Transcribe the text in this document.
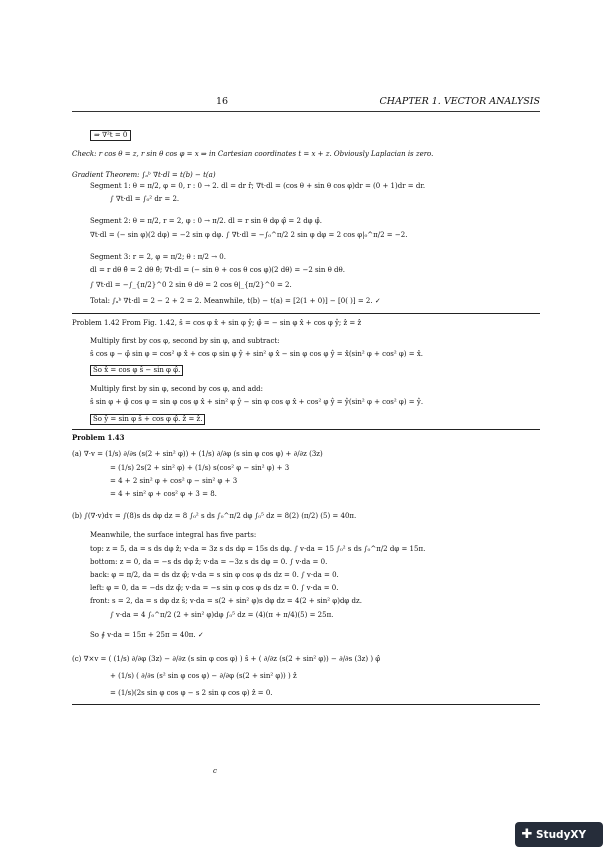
16	CHAPTER 1. VECTOR ANALYSIS
⇒ ∇²t = 0
Check: r cos θ = z, r sin θ cos φ = x ⇒ in Cartesian coordinates t = x + z. Obviously Laplacian is zero.
Gradient Theorem: ∫ₐᵇ ∇t·dl = t(b) − t(a)
Segment 1: θ = π/2, φ = 0, r : 0 → 2. dl = dr r̂; ∇t·dl = (cos θ + sin θ cos φ)dr = (0 + 1)dr = dr.
∫ ∇t·dl = ∫₀² dr = 2.
Segment 2: θ = π/2, r = 2, φ : 0 → π/2. dl = r sin θ dφ φ̂ = 2 dφ φ̂.
∇t·dl = (− sin φ)(2 dφ) = −2 sin φ dφ. ∫ ∇t·dl = −∫₀^π/2 2 sin φ dφ = 2 cos φ|₀^π/2 = −2.
Segment 3: r = 2, φ = π/2; θ : π/2 → 0.
dl = r dθ θ̂ = 2 dθ θ̂; ∇t·dl = (− sin θ + cos θ cos φ)(2 dθ) = −2 sin θ dθ.
∫ ∇t·dl = −∫_{π/2}^0 2 sin θ dθ = 2 cos θ|_{π/2}^0 = 2.
Total: ∫ₐᵇ ∇t·dl = 2 − 2 + 2 = 2. Meanwhile, t(b) − t(a) = [2(1 + 0)] − [0( )] = 2. ✓
Problem 1.42 From Fig. 1.42, ŝ = cos φ x̂ + sin φ ŷ; φ̂ = − sin φ x̂ + cos φ ŷ; ẑ = ẑ
Multiply first by cos φ, second by sin φ, and subtract:
ŝ cos φ − φ̂ sin φ = cos² φ x̂ + cos φ sin φ ŷ + sin² φ x̂ − sin φ cos φ ŷ = x̂(sin² φ + cos² φ) = x̂.
So x̂ = cos φ ŝ − sin φ φ̂.
Multiply first by sin φ, second by cos φ, and add:
ŝ sin φ + φ̂ cos φ = sin φ cos φ x̂ + sin² φ ŷ − sin φ cos φ x̂ + cos² φ ŷ = ŷ(sin² φ + cos² φ) = ŷ.
So ŷ = sin φ ŝ + cos φ φ̂. ẑ = ẑ.
Problem 1.43
(a) ∇·v = (1/s) ∂/∂s (s(2 + sin² φ)) + (1/s) ∂/∂φ (s sin φ cos φ) + ∂/∂z (3z)
= (1/s) 2s(2 + sin² φ) + (1/s) s(cos² φ − sin² φ) + 3
= 4 + 2 sin² φ + cos² φ − sin² φ + 3
= 4 + sin² φ + cos² φ + 3 = 8.
(b) ∫(∇·v)dτ = ∫(8)s ds dφ dz = 8 ∫₀² s ds ∫₀^π/2 dφ ∫₀⁵ dz = 8(2) (π/2) (5) = 40π.
Meanwhile, the surface integral has five parts:
top: z = 5, da = s ds dφ ẑ; v·da = 3z s ds dφ = 15s ds dφ. ∫ v·da = 15 ∫₀² s ds ∫₀^π/2 dφ = 15π.
bottom: z = 0, da = −s ds dφ ẑ; v·da = −3z s ds dφ = 0. ∫ v·da = 0.
back: φ = π/2, da = ds dz φ̂; v·da = s sin φ cos φ ds dz = 0. ∫ v·da = 0.
left: φ = 0, da = −ds dz φ̂; v·da = −s sin φ cos φ ds dz = 0. ∫ v·da = 0.
front: s = 2, da = s dφ dz ŝ; v·da = s(2 + sin² φ)s dφ dz = 4(2 + sin² φ)dφ dz.
∫ v·da = 4 ∫₀^π/2 (2 + sin² φ)dφ ∫₀⁵ dz = (4)(π + π/4)(5) = 25π.
So ∮ v·da = 15π + 25π = 40π. ✓
(c) ∇×v = ( (1/s) ∂/∂φ (3z) − ∂/∂z (s sin φ cos φ) ) ŝ + ( ∂/∂z (s(2 + sin² φ)) − ∂/∂s (3z) ) φ̂
+ (1/s) ( ∂/∂s (s² sin φ cos φ) − ∂/∂φ (s(2 + sin² φ)) ) ẑ
= (1/s)(2s sin φ cos φ − s 2 sin φ cos φ) ẑ = 0.
c
✚ StudyXY
